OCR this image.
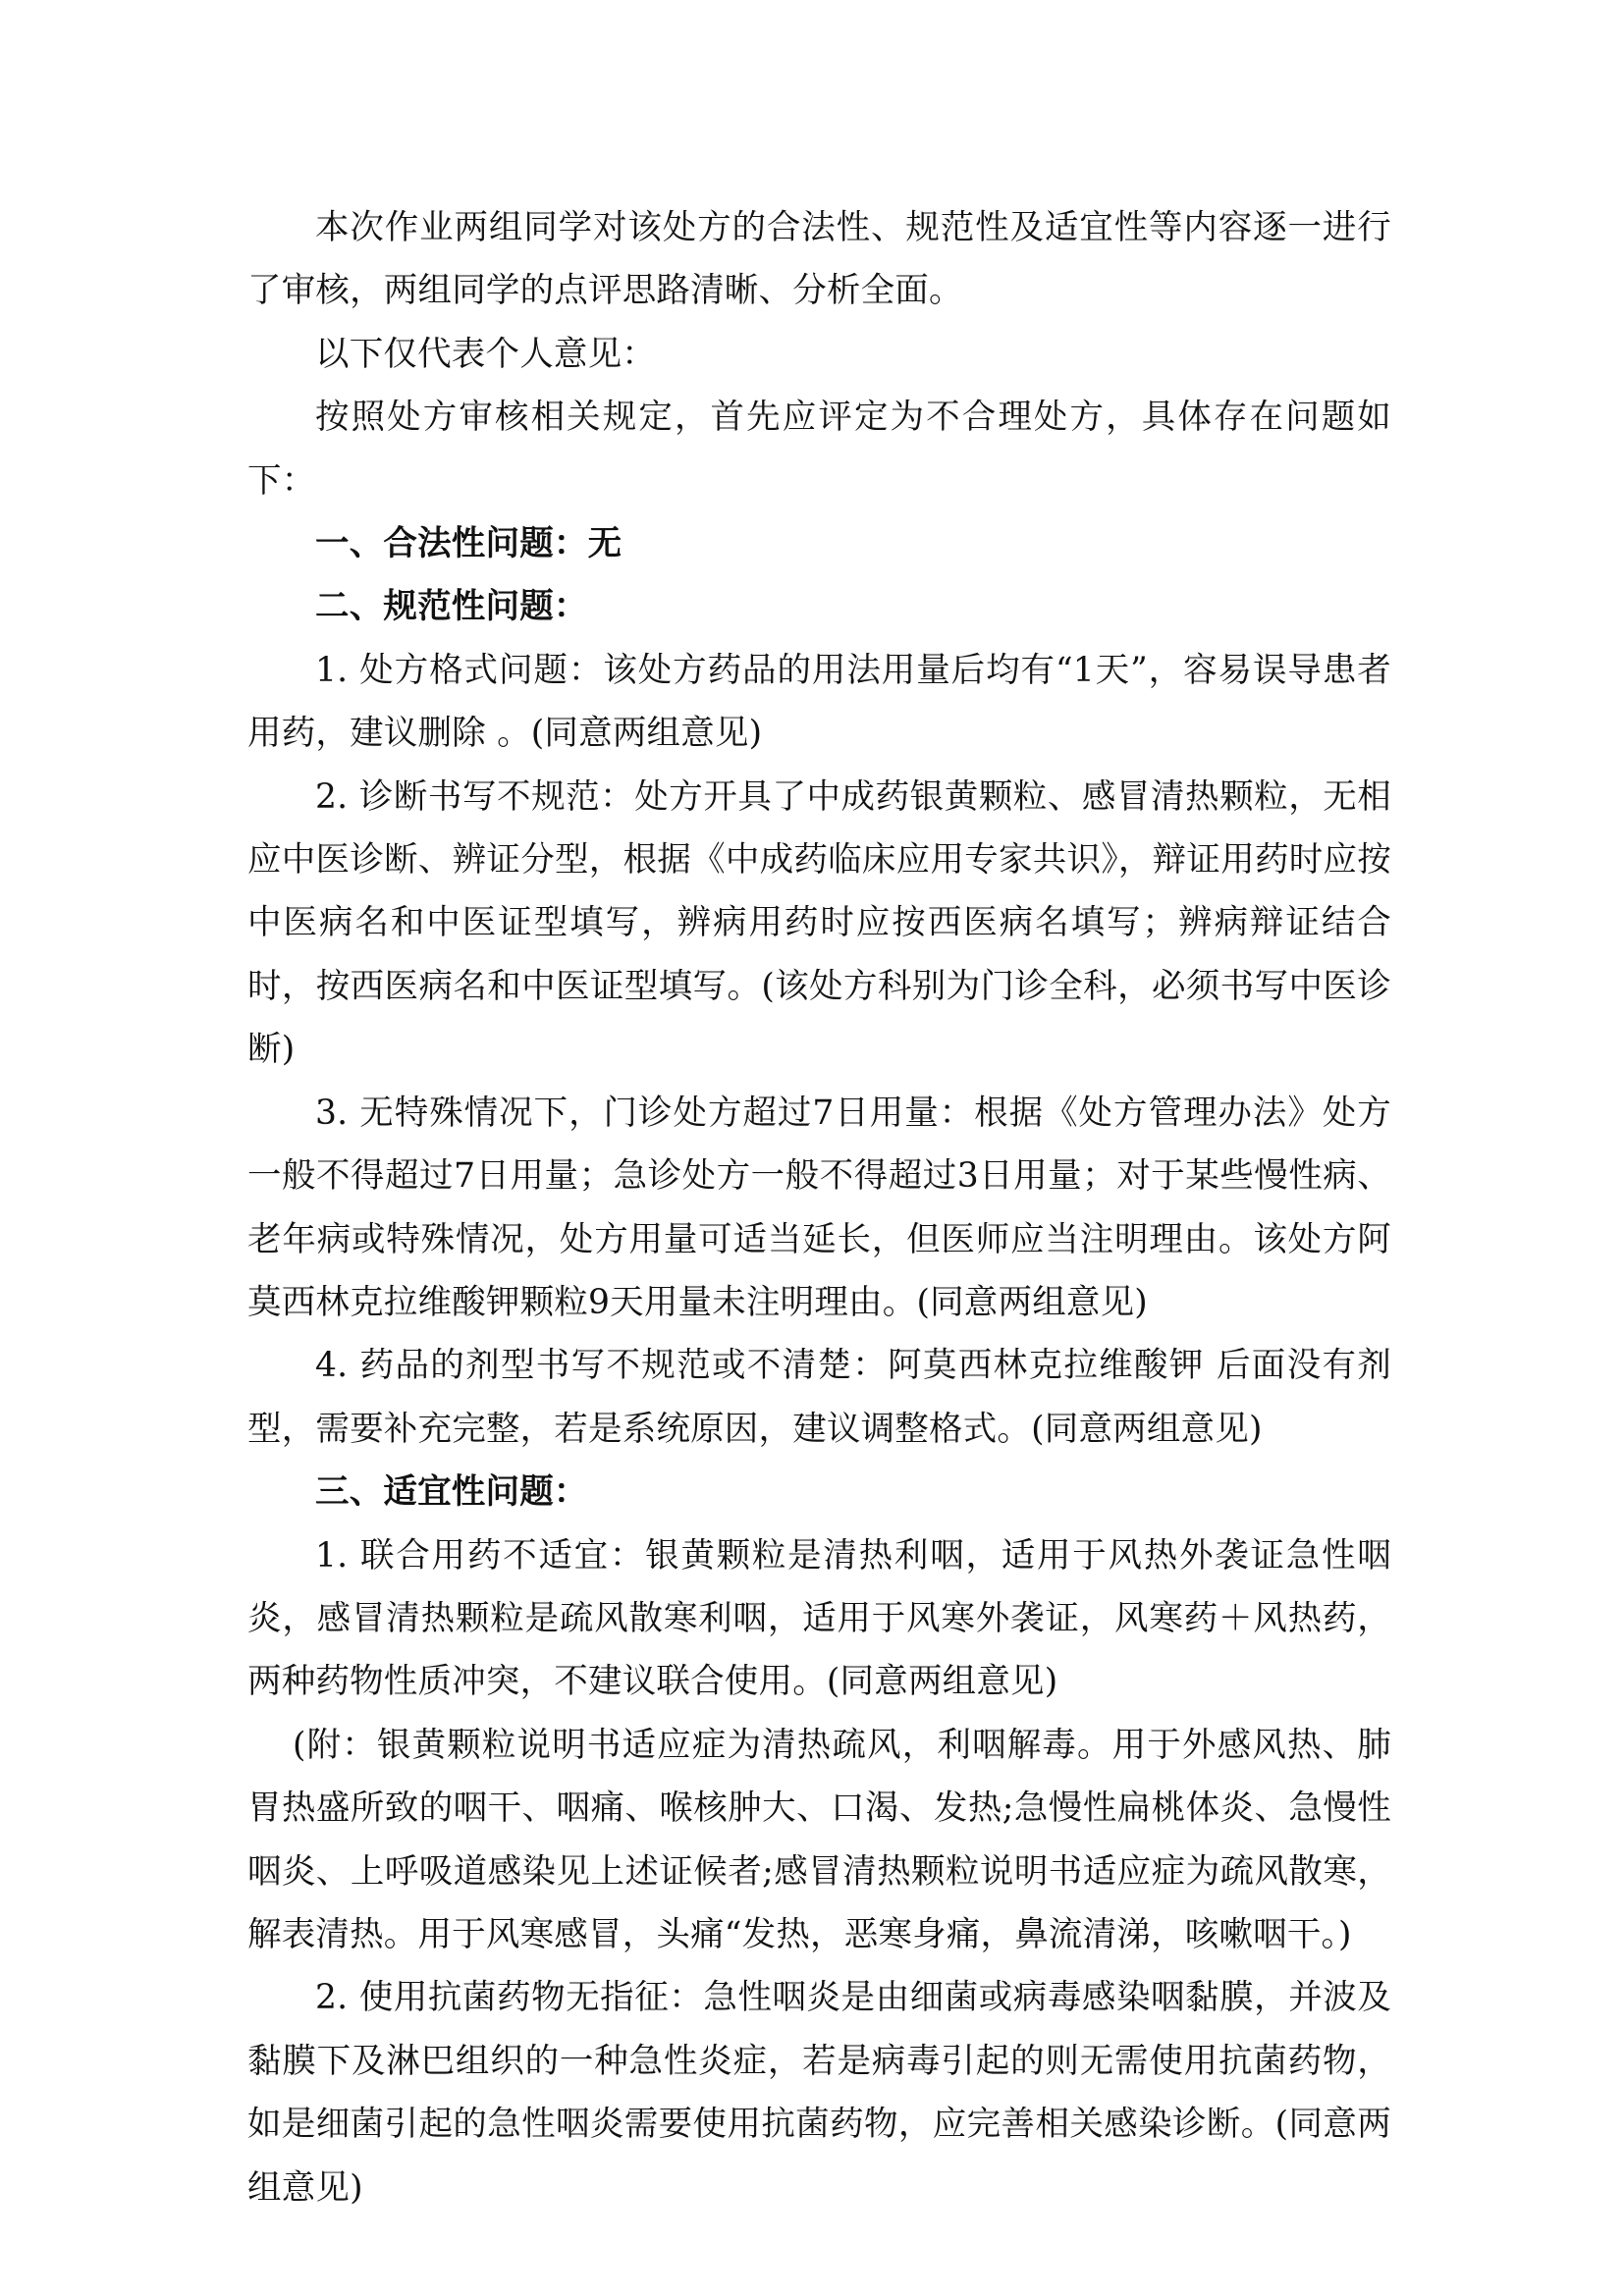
本次作业两组同学对该处方的合法性、规范性及适宜性等内容逐一进行了审核，两组同学的点评思路清晰、分析全面。

以下仅代表个人意见：

按照处方审核相关规定，首先应评定为不合理处方，具体存在问题如下：

一、合法性问题：无

二、规范性问题：

1. 处方格式问题：该处方药品的用法用量后均有“1天”，容易误导患者用药，建议删除 。(同意两组意见)

2. 诊断书写不规范：处方开具了中成药银黄颗粒、感冒清热颗粒，无相应中医诊断、辨证分型，根据《中成药临床应用专家共识》，辩证用药时应按中医病名和中医证型填写，辨病用药时应按西医病名填写；辨病辩证结合时，按西医病名和中医证型填写。(该处方科别为门诊全科，必须书写中医诊断)

3. 无特殊情况下，门诊处方超过7日用量：根据《处方管理办法》处方一般不得超过7日用量；急诊处方一般不得超过3日用量；对于某些慢性病、老年病或特殊情况，处方用量可适当延长，但医师应当注明理由。该处方阿莫西林克拉维酸钾颗粒9天用量未注明理由。(同意两组意见)

4. 药品的剂型书写不规范或不清楚：阿莫西林克拉维酸钾 后面没有剂型，需要补充完整，若是系统原因，建议调整格式。(同意两组意见)

三、适宜性问题：

1. 联合用药不适宜：银黄颗粒是清热利咽，适用于风热外袭证急性咽炎，感冒清热颗粒是疏风散寒利咽，适用于风寒外袭证，风寒药＋风热药，两种药物性质冲突，不建议联合使用。(同意两组意见)

(附：银黄颗粒说明书适应症为清热疏风，利咽解毒。用于外感风热、肺胃热盛所致的咽干、咽痛、喉核肿大、口渴、发热;急慢性扁桃体炎、急慢性咽炎、上呼吸道感染见上述证候者;感冒清热颗粒说明书适应症为疏风散寒，解表清热。用于风寒感冒，头痛“发热，恶寒身痛，鼻流清涕，咳嗽咽干。)

2. 使用抗菌药物无指征：急性咽炎是由细菌或病毒感染咽黏膜，并波及黏膜下及淋巴组织的一种急性炎症，若是病毒引起的则无需使用抗菌药物，如是细菌引起的急性咽炎需要使用抗菌药物，应完善相关感染诊断。(同意两组意见)
